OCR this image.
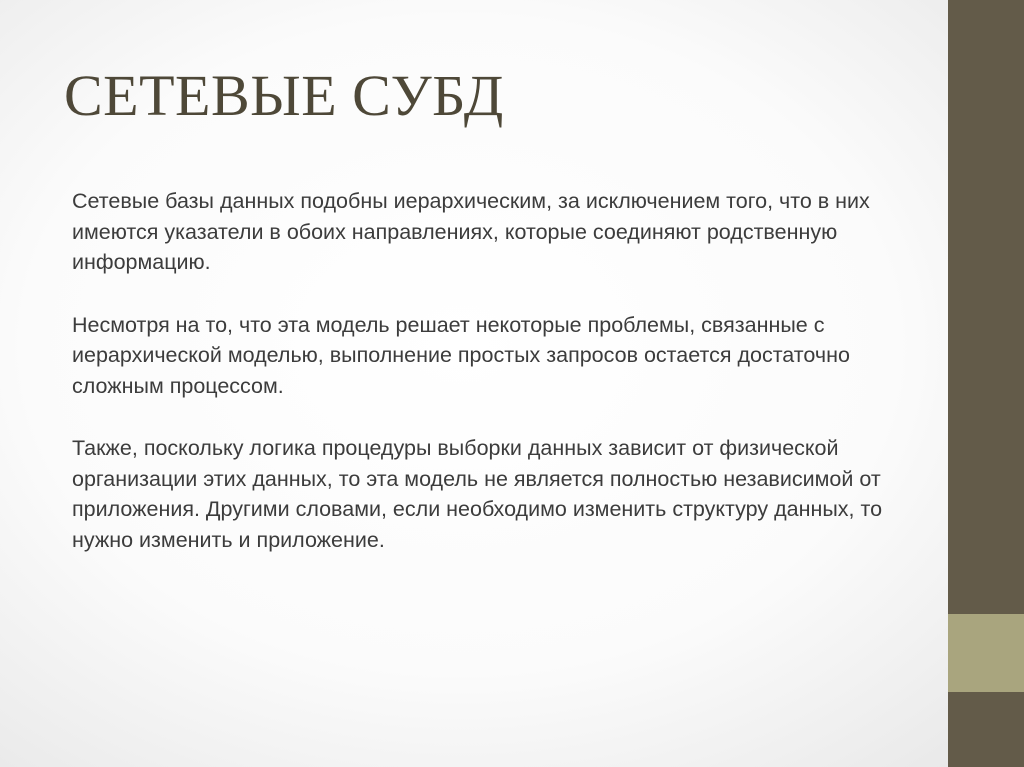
СЕТЕВЫЕ СУБД

Сетевые базы данных подобны иерархическим, за исключением того, что в них имеются указатели в обоих направлениях, которые соединяют родственную информацию.

Несмотря на то, что эта модель решает некоторые проблемы, связанные с иерархической моделью, выполнение простых запросов остается достаточно сложным процессом.

Также, поскольку логика процедуры выборки данных зависит от физической организации этих данных, то эта модель не является полностью независимой от приложения. Другими словами, если необходимо изменить структуру данных, то нужно изменить и приложение.
